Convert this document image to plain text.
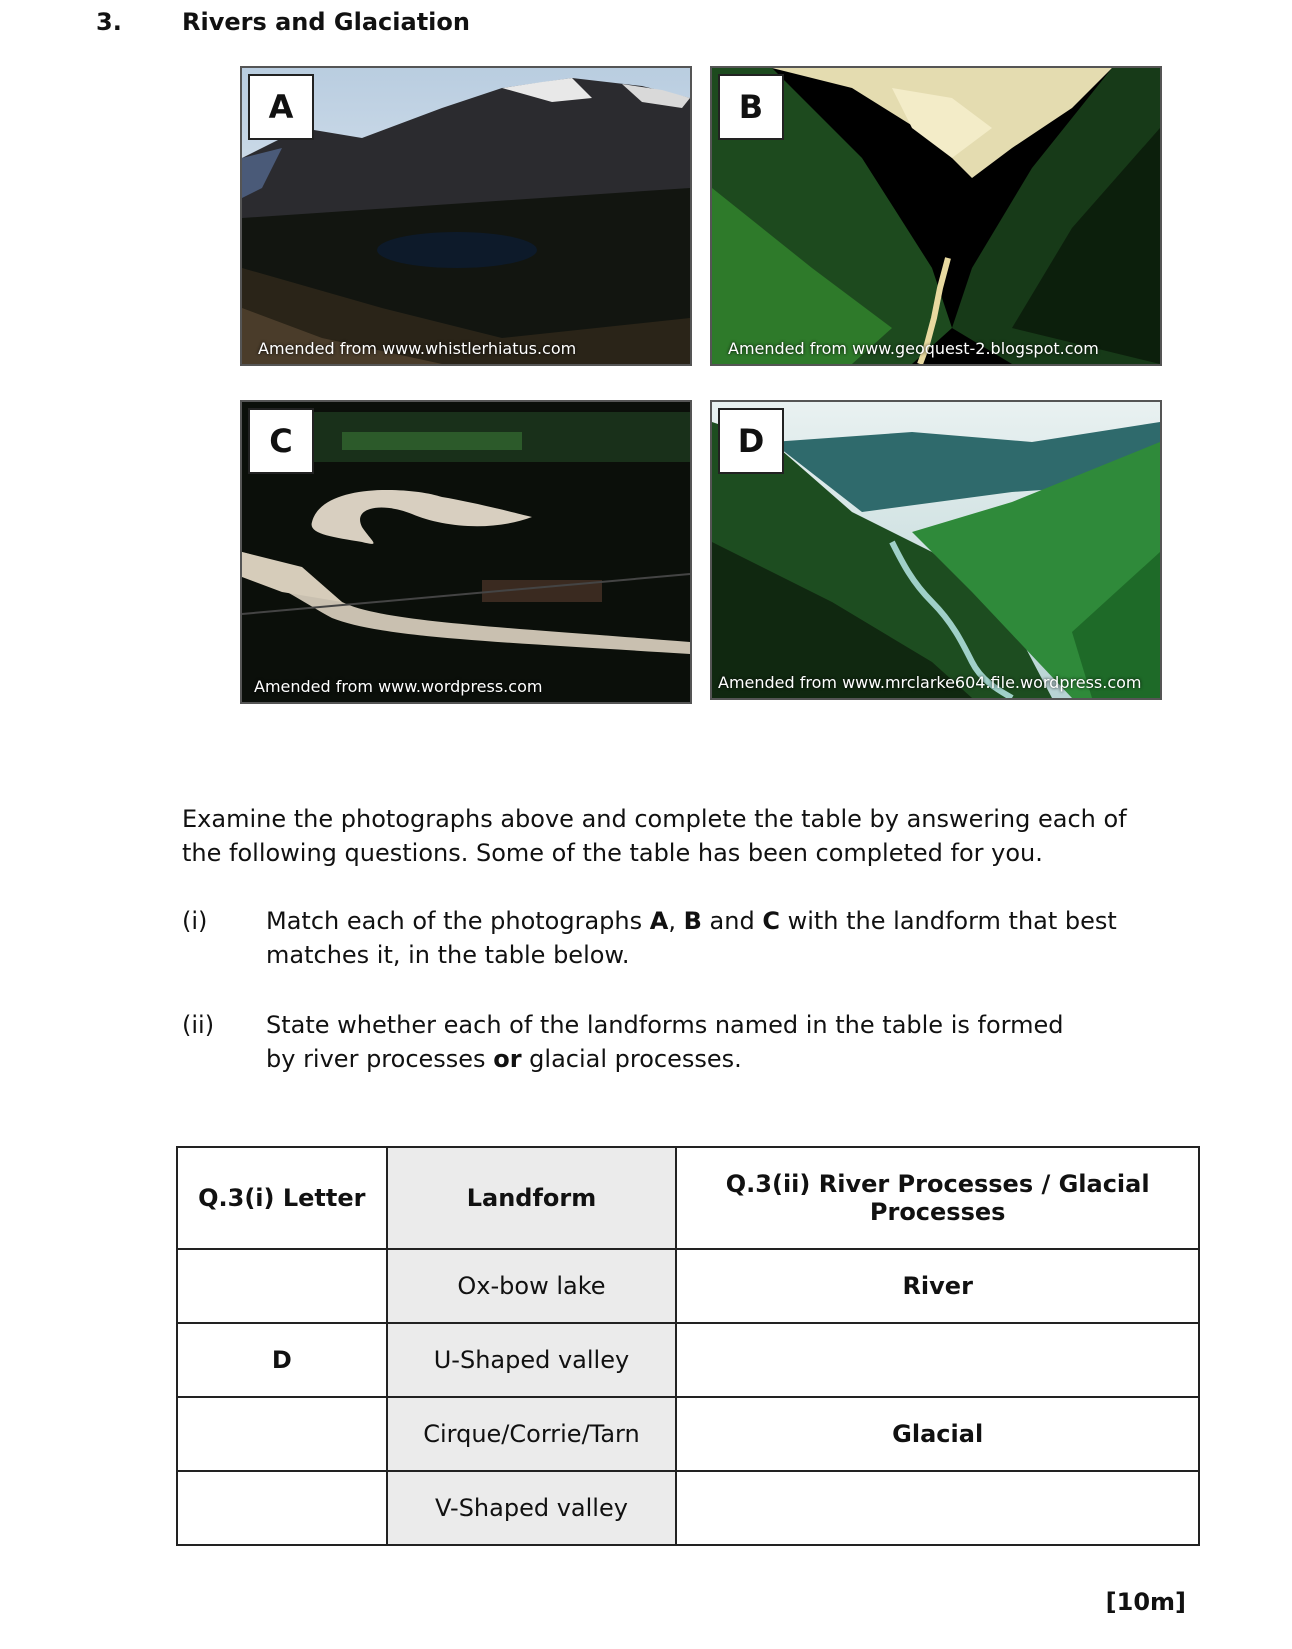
3.	Rivers and Glaciation
A
Amended from www.whistlerhiatus.com
B
Amended from www.geoquest-2.blogspot.com
C
Amended from www.wordpress.com
D
Amended from www.mrclarke604.file.wordpress.com
Examine the photographs above and complete the table by answering each of the following questions. Some of the table has been completed for you.
(i) Match each of the photographs A, B and C with the landform that best matches it, in the table below.
(ii) State whether each of the landforms named in the table is formed by river processes or glacial processes.
Q.3(i) Letter	Landform	Q.3(ii) River Processes / Glacial Processes
	Ox-bow lake	River
D	U-Shaped valley	
	Cirque/Corrie/Tarn	Glacial
	V-Shaped valley	
[10m]
